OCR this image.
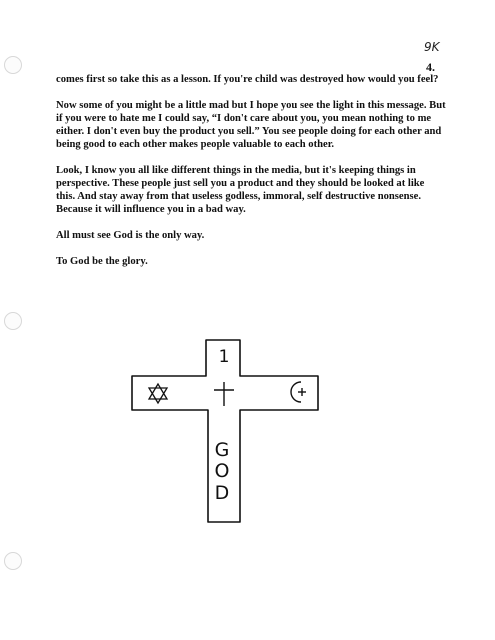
9K
4.

comes first so take this as a lesson. If you're child was destroyed how would you feel?

Now some of you might be a little mad but I hope you see the light in this message. But if you were to hate me I could say, “I don't care about you, you mean nothing to me either. I don't even buy the product you sell.” You see people doing for each other and being good to each other makes people valuable to each other.

Look, I know you all like different things in the media, but it's keeping things in perspective. These people just sell you a product and they should be looked at like this. And stay away from that useless godless, immoral, self destructive nonsense. Because it will influence you in a bad way.

All must see God is the only way.

To God be the glory.

1
G
O
D
